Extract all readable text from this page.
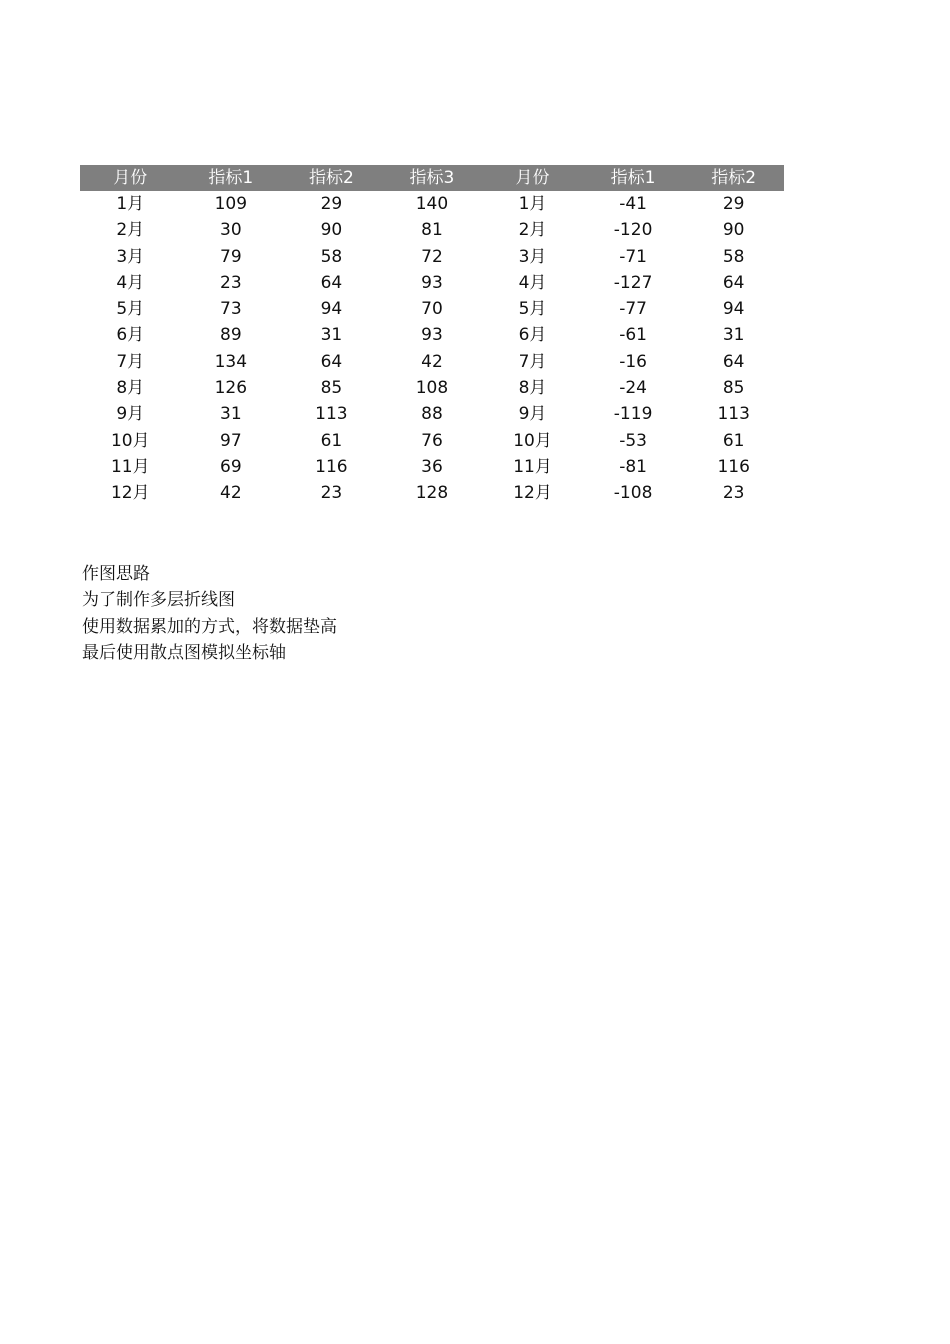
月份	指标1	指标2	指标3	月份	指标1	指标2
1月	109	29	140	1月	-41	29
2月	30	90	81	2月	-120	90
3月	79	58	72	3月	-71	58
4月	23	64	93	4月	-127	64
5月	73	94	70	5月	-77	94
6月	89	31	93	6月	-61	31
7月	134	64	42	7月	-16	64
8月	126	85	108	8月	-24	85
9月	31	113	88	9月	-119	113
10月	97	61	76	10月	-53	61
11月	69	116	36	11月	-81	116
12月	42	23	128	12月	-108	23
作图思路
为了制作多层折线图
使用数据累加的方式，将数据垫高
最后使用散点图模拟坐标轴
